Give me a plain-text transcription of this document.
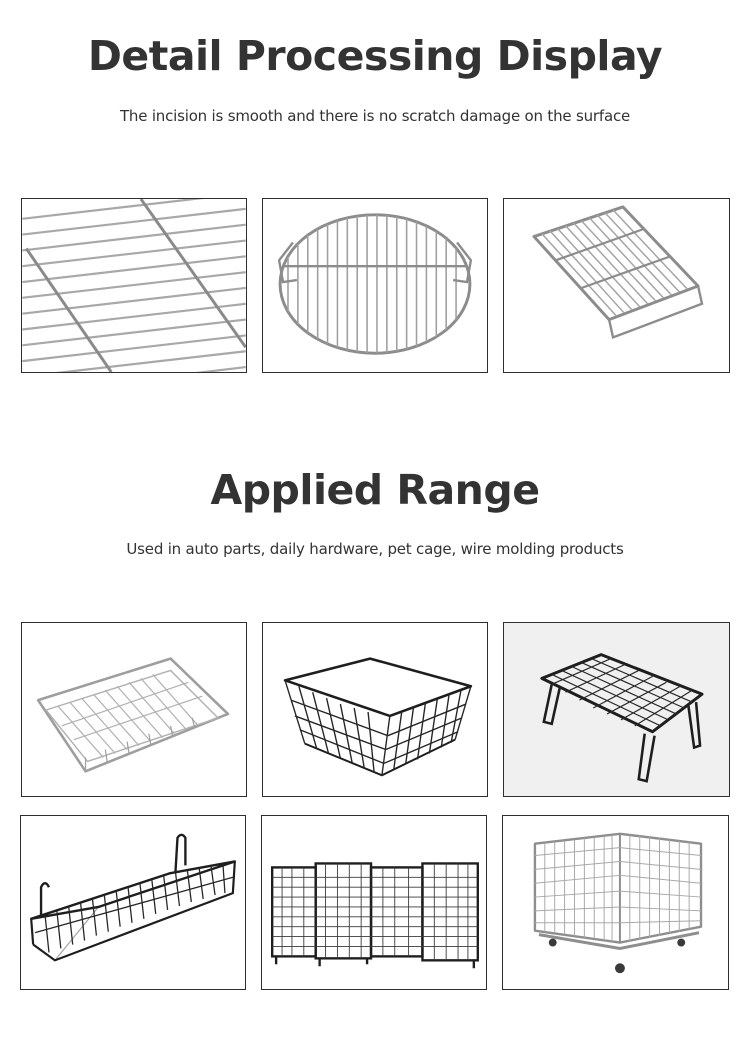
Detail Processing Display

The incision is smooth and there is no scratch damage on the surface

Applied Range

Used in auto parts, daily hardware, pet cage, wire molding products
